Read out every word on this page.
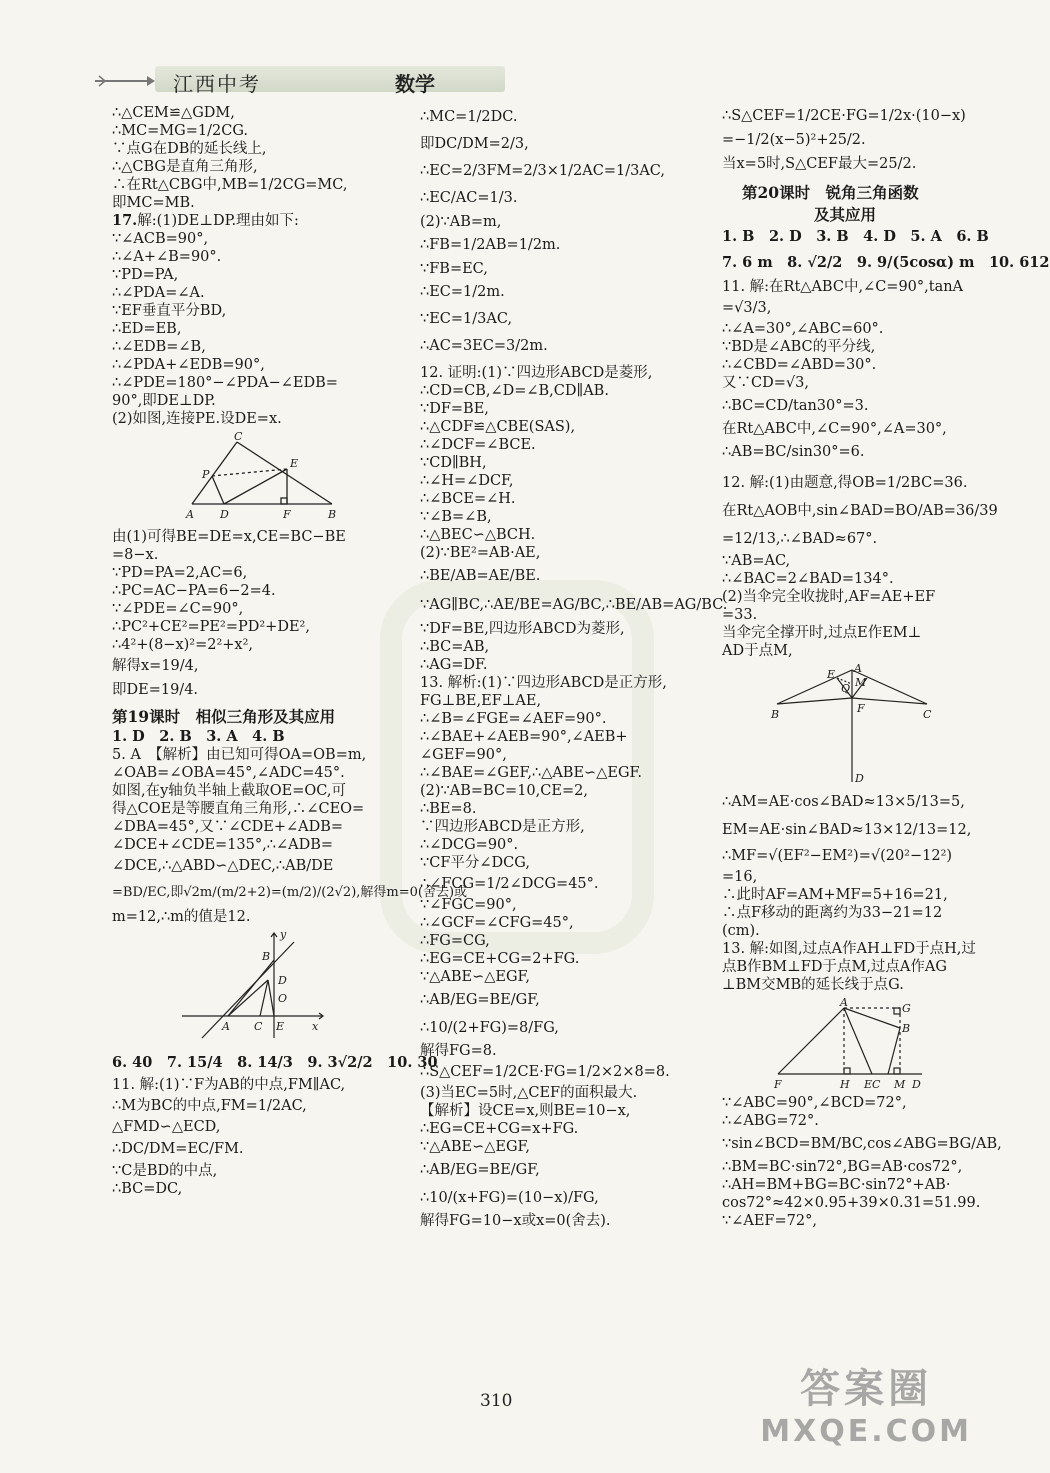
江西中考	数学
∴△CEM≌△GDM,
∴MC=MG=1/2CG.
∵点G在DB的延长线上,
∴△CBG是直角三角形,
∴在Rt△CBG中,MB=1/2CG=MC,
即MC=MB.
17.解:(1)DE⊥DP.理由如下:
∵∠ACB=90°,
∴∠A+∠B=90°.
∵PD=PA,
∴∠PDA=∠A.
∵EF垂直平分BD,
∴ED=EB,
∴∠EDB=∠B,
∴∠PDA+∠EDB=90°,
∴∠PDE=180°−∠PDA−∠EDB=
90°,即DE⊥DP.
(2)如图,连接PE.设DE=x.
C
E
P
A D	F	B
由(1)可得BE=DE=x,CE=BC−BE
=8−x.
∵PD=PA=2,AC=6,
∴PC=AC−PA=6−2=4.
∵∠PDE=∠C=90°,
∴PC²+CE²=PE²=PD²+DE²,
∴4²+(8−x)²=2²+x²,
解得x=19/4,
即DE=19/4.
第19课时　相似三角形及其应用
1. D　2. B　3. A　4. B
5. A　【解析】由已知可得OA=OB=m,
∠OAB=∠OBA=45°,∠ADC=45°.
如图,在y轴负半轴上截取OE=OC,可
得△COE是等腰直角三角形,∴∠CEO=
∠DBA=45°,又∵∠CDE+∠ADB=
∠DCE+∠CDE=135°,∴∠ADB=
∠DCE,∴△ABD∽△DEC,∴AB/DE
=BD/EC,即√2m/(m/2+2)=(m/2)/(2√2),解得m=0(舍去)或
m=12,∴m的值是12.
y
B
D
O
A C E	x
6. 40　7. 15/4　8. 14/3　9. 3√2/2　10. 30
11. 解:(1)∵F为AB的中点,FM∥AC,
∴M为BC的中点,FM=1/2AC,
△FMD∽△ECD,
∴DC/DM=EC/FM.
∵C是BD的中点,
∴BC=DC,
∴MC=1/2DC.
即DC/DM=2/3,
∴EC=2/3FM=2/3×1/2AC=1/3AC,
∴EC/AC=1/3.
(2)∵AB=m,
∴FB=1/2AB=1/2m.
∵FB=EC,
∴EC=1/2m.
∵EC=1/3AC,
∴AC=3EC=3/2m.
12. 证明:(1)∵四边形ABCD是菱形,
∴CD=CB,∠D=∠B,CD∥AB.
∵DF=BE,
∴△CDF≌△CBE(SAS),
∴∠DCF=∠BCE.
∵CD∥BH,
∴∠H=∠DCF,
∴∠BCE=∠H.
∵∠B=∠B,
∴△BEC∽△BCH.
(2)∵BE²=AB·AE,
∴BE/AB=AE/BE.
∵AG∥BC,∴AE/BE=AG/BC,∴BE/AB=AG/BC.
∵DF=BE,四边形ABCD为菱形,
∴BC=AB,
∴AG=DF.
13. 解析:(1)∵四边形ABCD是正方形,
FG⊥BE,EF⊥AE,
∴∠B=∠FGE=∠AEF=90°.
∴∠BAE+∠AEB=90°,∠AEB+
∠GEF=90°,
∴∠BAE=∠GEF,∴△ABE∽△EGF.
(2)∵AB=BC=10,CE=2,
∴BE=8.
∵四边形ABCD是正方形,
∴∠DCG=90°.
∵CF平分∠DCG,
∴∠FCG=1/2∠DCG=45°.
∵∠FGC=90°,
∴∠GCF=∠CFG=45°,
∴FG=CG,
∴EG=CE+CG=2+FG.
∵△ABE∽△EGF,
∴AB/EG=BE/GF,
∴10/(2+FG)=8/FG,
解得FG=8.
∴S△CEF=1/2CE·FG=1/2×2×8=8.
(3)当EC=5时,△CEF的面积最大.
【解析】设CE=x,则BE=10−x,
∴EG=CE+CG=x+FG.
∵△ABE∽△EGF,
∴AB/EG=BE/GF,
∴10/(x+FG)=(10−x)/FG,
解得FG=10−x或x=0(舍去).
∴S△CEF=1/2CE·FG=1/2x·(10−x)
=−1/2(x−5)²+25/2.
当x=5时,S△CEF最大=25/2.
第20课时　锐角三角函数
及其应用
1. B　2. D　3. B　4. D　5. A　6. B
7. 6 m　8. √2/2　9. 9/(5cosα) m　10. 612
11. 解:在Rt△ABC中,∠C=90°,tanA
=√3/3,
∴∠A=30°,∠ABC=60°.
∵BD是∠ABC的平分线,
∴∠CBD=∠ABD=30°.
又∵CD=√3,
∴BC=CD/tan30°=3.
在Rt△ABC中,∠C=90°,∠A=30°,
∴AB=BC/sin30°=6.
12. 解:(1)由题意,得OB=1/2BC=36.
在Rt△AOB中,sin∠BAD=BO/AB=36/39
=12/13,∴∠BAD≈67°.
∵AB=AC,
∴∠BAC=2∠BAD=134°.
(2)当伞完全收拢时,AF=AE+EF
=33.
当伞完全撑开时,过点E作EM⊥
AD于点M,
A
E
M
Q
B	F	C
D
∴AM=AE·cos∠BAD≈13×5/13=5,
EM=AE·sin∠BAD≈13×12/13=12,
∴MF=√(EF²−EM²)=√(20²−12²)
=16,
∴此时AF=AM+MF=5+16=21,
∴点F移动的距离约为33−21=12
(cm).
13. 解:如图,过点A作AH⊥FD于点H,过
点B作BM⊥FD于点M,过点A作AG
⊥BM交MB的延长线于点G.
A	G
B
F	H EC M D
∵∠ABC=90°,∠BCD=72°,
∴∠ABG=72°.
∵sin∠BCD=BM/BC,cos∠ABG=BG/AB,
∴BM=BC·sin72°,BG=AB·cos72°,
∴AH=BM+BG=BC·sin72°+AB·
cos72°≈42×0.95+39×0.31=51.99.
∵∠AEF=72°,
310	答案圈
MXQE.COM
